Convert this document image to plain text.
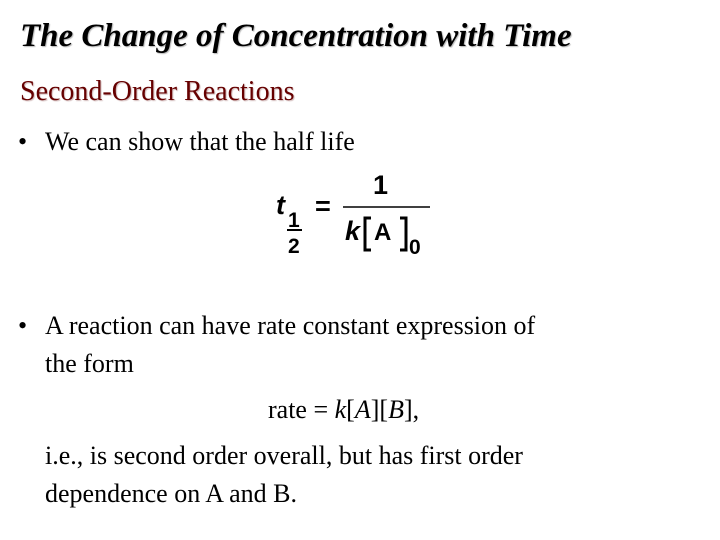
The Change of Concentration with Time
Second-Order Reactions
• We can show that the half life
t
1
2
=
1
k A
0
• A reaction can have rate constant expression of
the form
rate = k[A][B],
i.e., is second order overall, but has first order
dependence on A and B.
